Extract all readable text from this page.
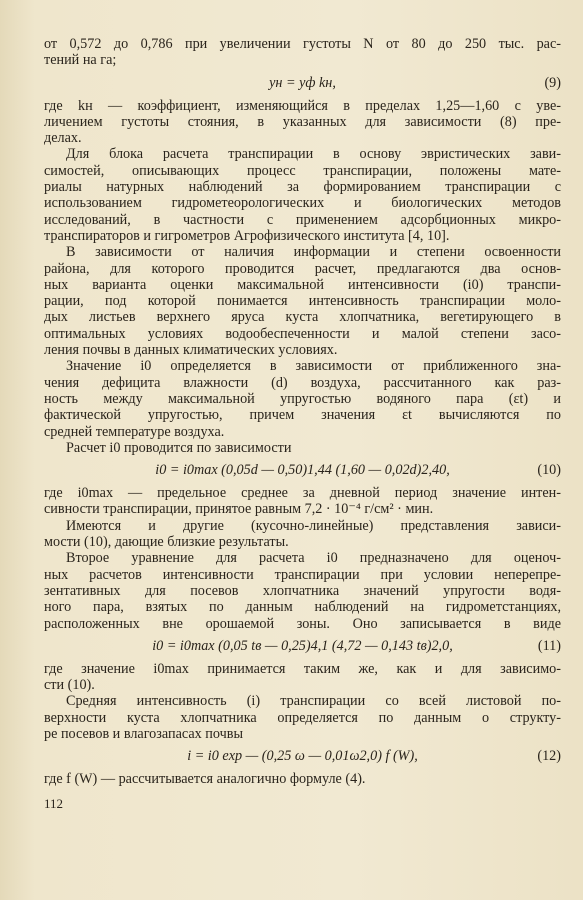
от 0,572 до 0,786 при увеличении густоты N от 80 до 250 тыс. рас-
тений на га;
yн = yф kн,	(9)
где kн — коэффициент, изменяющийся в пределах 1,25—1,60 с уве-
личением густоты стояния, в указанных для зависимости (8) пре-
делах.
Для блока расчета транспирации в основу эвристических зави-
симостей, описывающих процесс транспирации, положены мате-
риалы натурных наблюдений за формированием транспирации с
использованием гидрометеорологических и биологических методов
исследований, в частности с применением адсорбционных микро-
транспираторов и гигрометров Агрофизического института [4, 10].
В зависимости от наличия информации и степени освоенности
района, для которого проводится расчет, предлагаются два основ-
ных варианта оценки максимальной интенсивности (i0) транспи-
рации, под которой понимается интенсивность транспирации моло-
дых листьев верхнего яруса куста хлопчатника, вегетирующего в
оптимальных условиях водообеспеченности и малой степени засо-
ления почвы в данных климатических условиях.
Значение i0 определяется в зависимости от приближенного зна-
чения дефицита влажности (d) воздуха, рассчитанного как раз-
ность между максимальной упругостью водяного пара (εt) и
фактической упругостью, причем значения εt вычисляются по
средней температуре воздуха.
Расчет i0 проводится по зависимости
i0 = i0max (0,05d — 0,50)1,44 (1,60 — 0,02d)2,40,	(10)
где i0max — предельное среднее за дневной период значение интен-
сивности транспирации, принятое равным 7,2 · 10⁻⁴ г/см² · мин.
Имеются и другие (кусочно-линейные) представления зависи-
мости (10), дающие близкие результаты.
Второе уравнение для расчета i0 предназначено для оценоч-
ных расчетов интенсивности транспирации при условии неперепре-
зентативных для посевов хлопчатника значений упругости водя-
ного пара, взятых по данным наблюдений на гидрометстанциях,
расположенных вне орошаемой зоны. Оно записывается в виде
i0 = i0max (0,05 tв — 0,25)4,1 (4,72 — 0,143 tв)2,0,	(11)
где значение i0max принимается таким же, как и для зависимо-
сти (10).
Средняя интенсивность (i) транспирации со всей листовой по-
верхности куста хлопчатника определяется по данным о структу-
ре посевов и влагозапасах почвы
i = i0 exp — (0,25 ω — 0,01ω2,0) f (W),	(12)
где f (W) — рассчитывается аналогично формуле (4).
112
